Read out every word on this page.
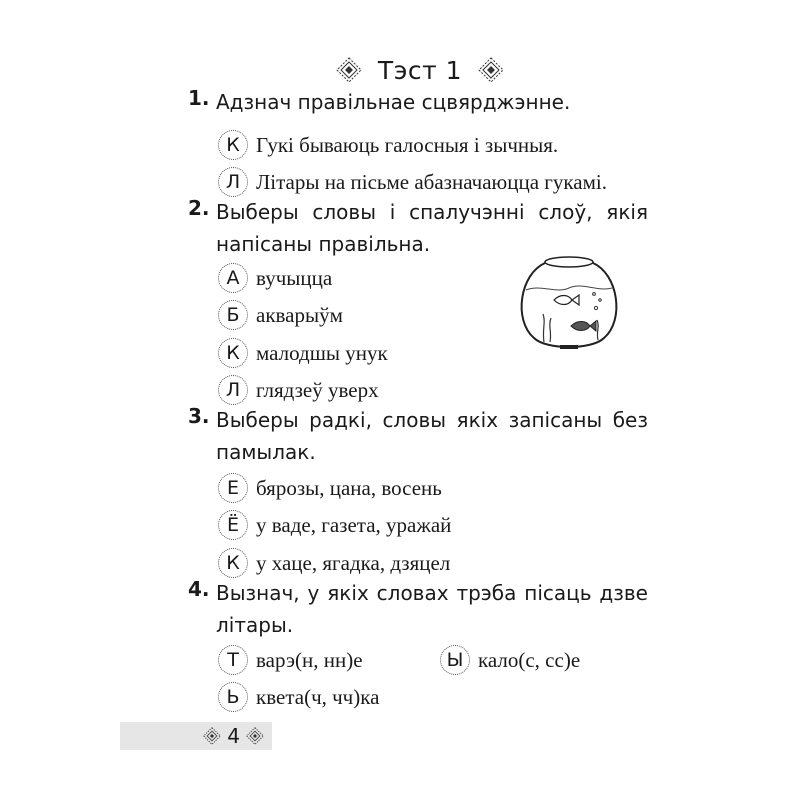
Тэст 1
1. Адзнач правільнае сцвярджэнне.

К Гукі бываюць галосныя і зычныя.
Л Літары на пісьме абазначаюцца гукамі.
2. Выберы словы і спалучэнні слоў, якія напісаны правільна.

А вучыцца
Б акварыўм
К малодшы унук
Л глядзеў уверх
3. Выберы радкі, словы якіх запісаны без памылак.

Е бярозы, цана, восень
Ё у ваде, газета, уражай
К у хаце, ягадка, дзяцел
4. Вызнач, у якіх словах трэба пісаць дзве літары.

Т варэ(н, нн)е	Ы кало(с, сс)е
Ь квета(ч, чч)ка
4
